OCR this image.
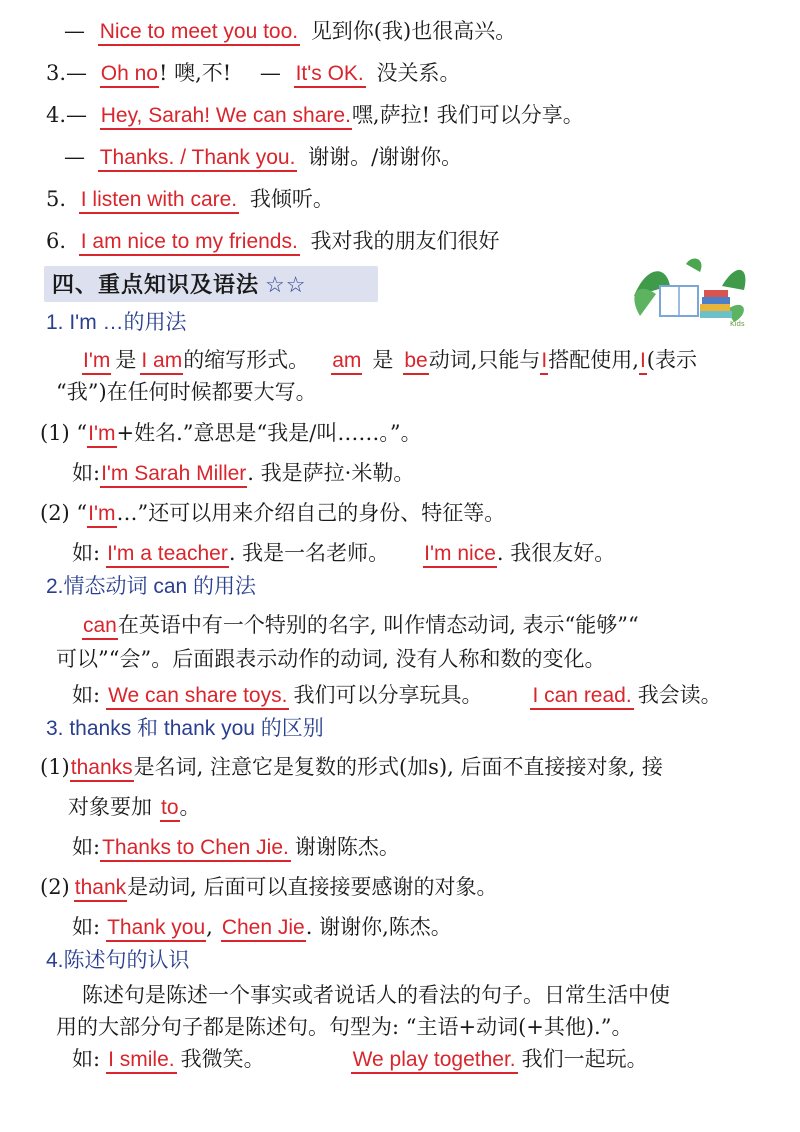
— Nice to meet you too. 见到你(我)也很高兴。
3.— Oh no! 噢,不! — It's OK. 没关系。
4.— Hey, Sarah! We can share.嘿,萨拉! 我们可以分享。
— Thanks. / Thank you. 谢谢。/谢谢你。
5. I listen with care. 我倾听。
6. I am nice to my friends. 我对我的朋友们很好
四、重点知识及语法 ☆☆
Kids
1. I'm …的用法
I'm 是 I am的缩写形式。 am 是 be动词,只能与I搭配使用,I(表示
“我”)在任何时候都要大写。
(1) “I'm+姓名.”意思是“我是/叫……。”。
如:I'm Sarah Miller. 我是萨拉·米勒。
(2) “I'm…”还可以用来介绍自己的身份、特征等。
如: I'm a teacher. 我是一名老师。 I'm nice. 我很友好。
2.情态动词 can 的用法
can在英语中有一个特别的名字, 叫作情态动词, 表示“能够”“
可以”“会”。后面跟表示动作的动词, 没有人称和数的变化。
如: We can share toys. 我们可以分享玩具。 I can read. 我会读。
3. thanks 和 thank you 的区别
(1)thanks是名词, 注意它是复数的形式(加s), 后面不直接接对象, 接
对象要加 to。
如:Thanks to Chen Jie. 谢谢陈杰。
(2) thank是动词, 后面可以直接接要感谢的对象。
如: Thank you, Chen Jie. 谢谢你,陈杰。
4.陈述句的认识
陈述句是陈述一个事实或者说话人的看法的句子。日常生活中使
用的大部分句子都是陈述句。句型为: “主语+动词(+其他).”。
如: I smile. 我微笑。	We play together. 我们一起玩。
